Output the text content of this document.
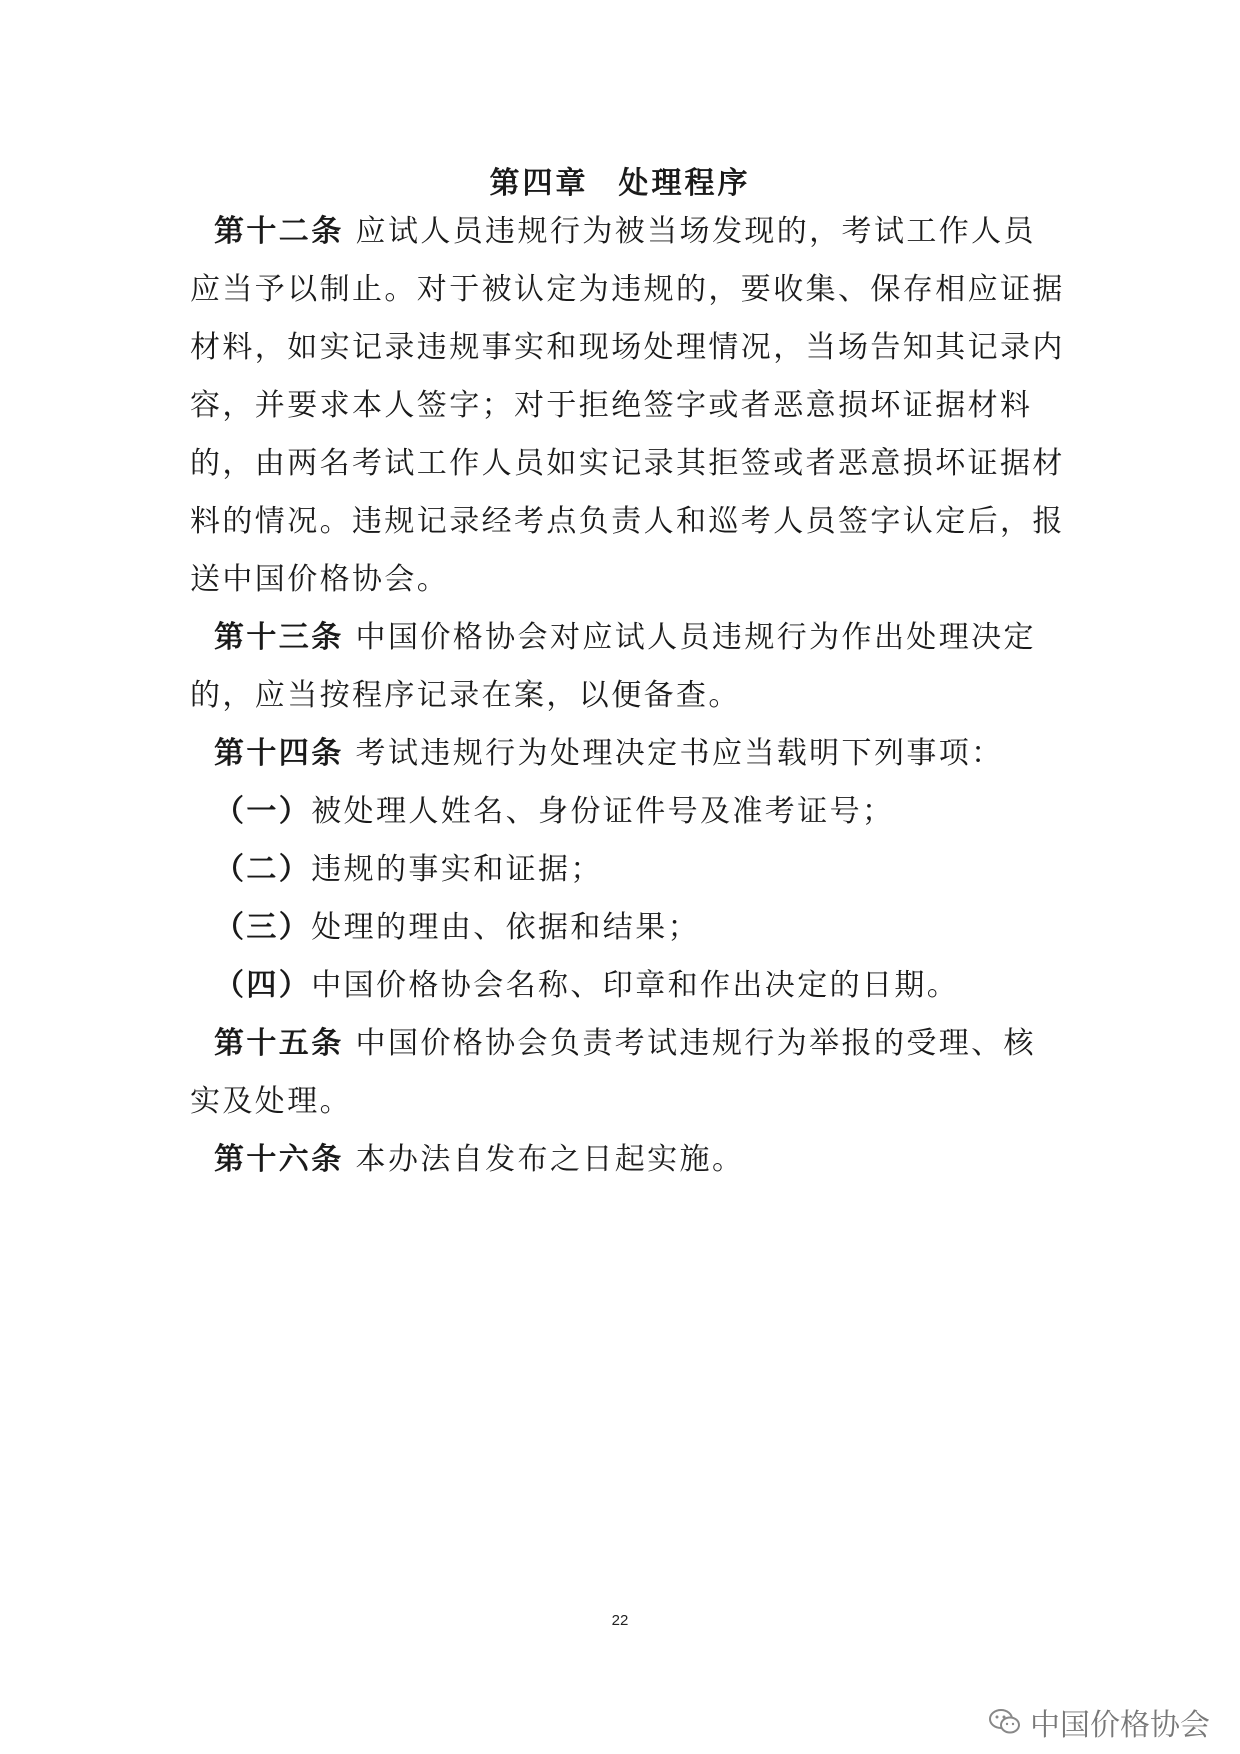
第四章 处理程序
第十二条 应试人员违规行为被当场发现的，考试工作人员
应当予以制止。对于被认定为违规的，要收集、保存相应证据
材料，如实记录违规事实和现场处理情况，当场告知其记录内
容，并要求本人签字；对于拒绝签字或者恶意损坏证据材料
的，由两名考试工作人员如实记录其拒签或者恶意损坏证据材
料的情况。违规记录经考点负责人和巡考人员签字认定后，报
送中国价格协会。
第十三条 中国价格协会对应试人员违规行为作出处理决定
的，应当按程序记录在案，以便备查。
第十四条 考试违规行为处理决定书应当载明下列事项：
（一）被处理人姓名、身份证件号及准考证号；
（二）违规的事实和证据；
（三）处理的理由、依据和结果；
（四）中国价格协会名称、印章和作出决定的日期。
第十五条 中国价格协会负责考试违规行为举报的受理、核
实及处理。
第十六条 本办法自发布之日起实施。
22
中国价格协会
